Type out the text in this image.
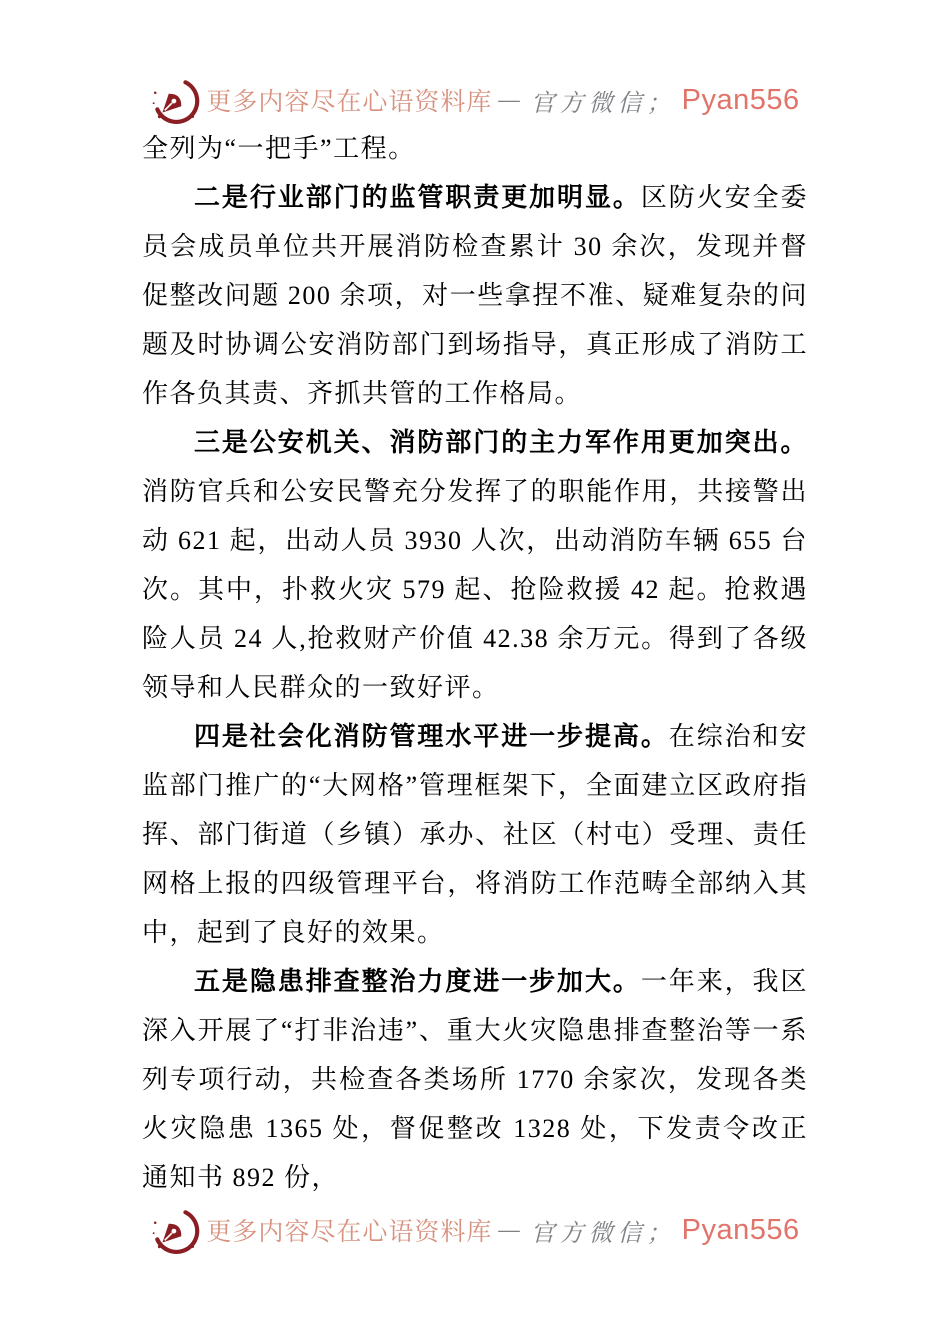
更多内容尽在心语资料库 — 官方微信； Pyan556

全列为“一把手”工程。

二是行业部门的监管职责更加明显。区防火安全委员会成员单位共开展消防检查累计 30 余次，发现并督促整改问题 200 余项，对一些拿捏不准、疑难复杂的问题及时协调公安消防部门到场指导，真正形成了消防工作各负其责、齐抓共管的工作格局。

三是公安机关、消防部门的主力军作用更加突出。消防官兵和公安民警充分发挥了的职能作用，共接警出动 621 起，出动人员 3930 人次，出动消防车辆 655 台次。其中，扑救火灾 579 起、抢险救援 42 起。抢救遇险人员 24 人,抢救财产价值 42.38 余万元。得到了各级领导和人民群众的一致好评。

四是社会化消防管理水平进一步提高。在综治和安监部门推广的“大网格”管理框架下，全面建立区政府指挥、部门街道（乡镇）承办、社区（村屯）受理、责任网格上报的四级管理平台，将消防工作范畴全部纳入其中，起到了良好的效果。

五是隐患排查整治力度进一步加大。一年来，我区深入开展了“打非治违”、重大火灾隐患排查整治等一系列专项行动，共检查各类场所 1770 余家次，发现各类火灾隐患 1365 处，督促整改 1328 处，下发责令改正通知书 892 份，

更多内容尽在心语资料库 — 官方微信； Pyan556
